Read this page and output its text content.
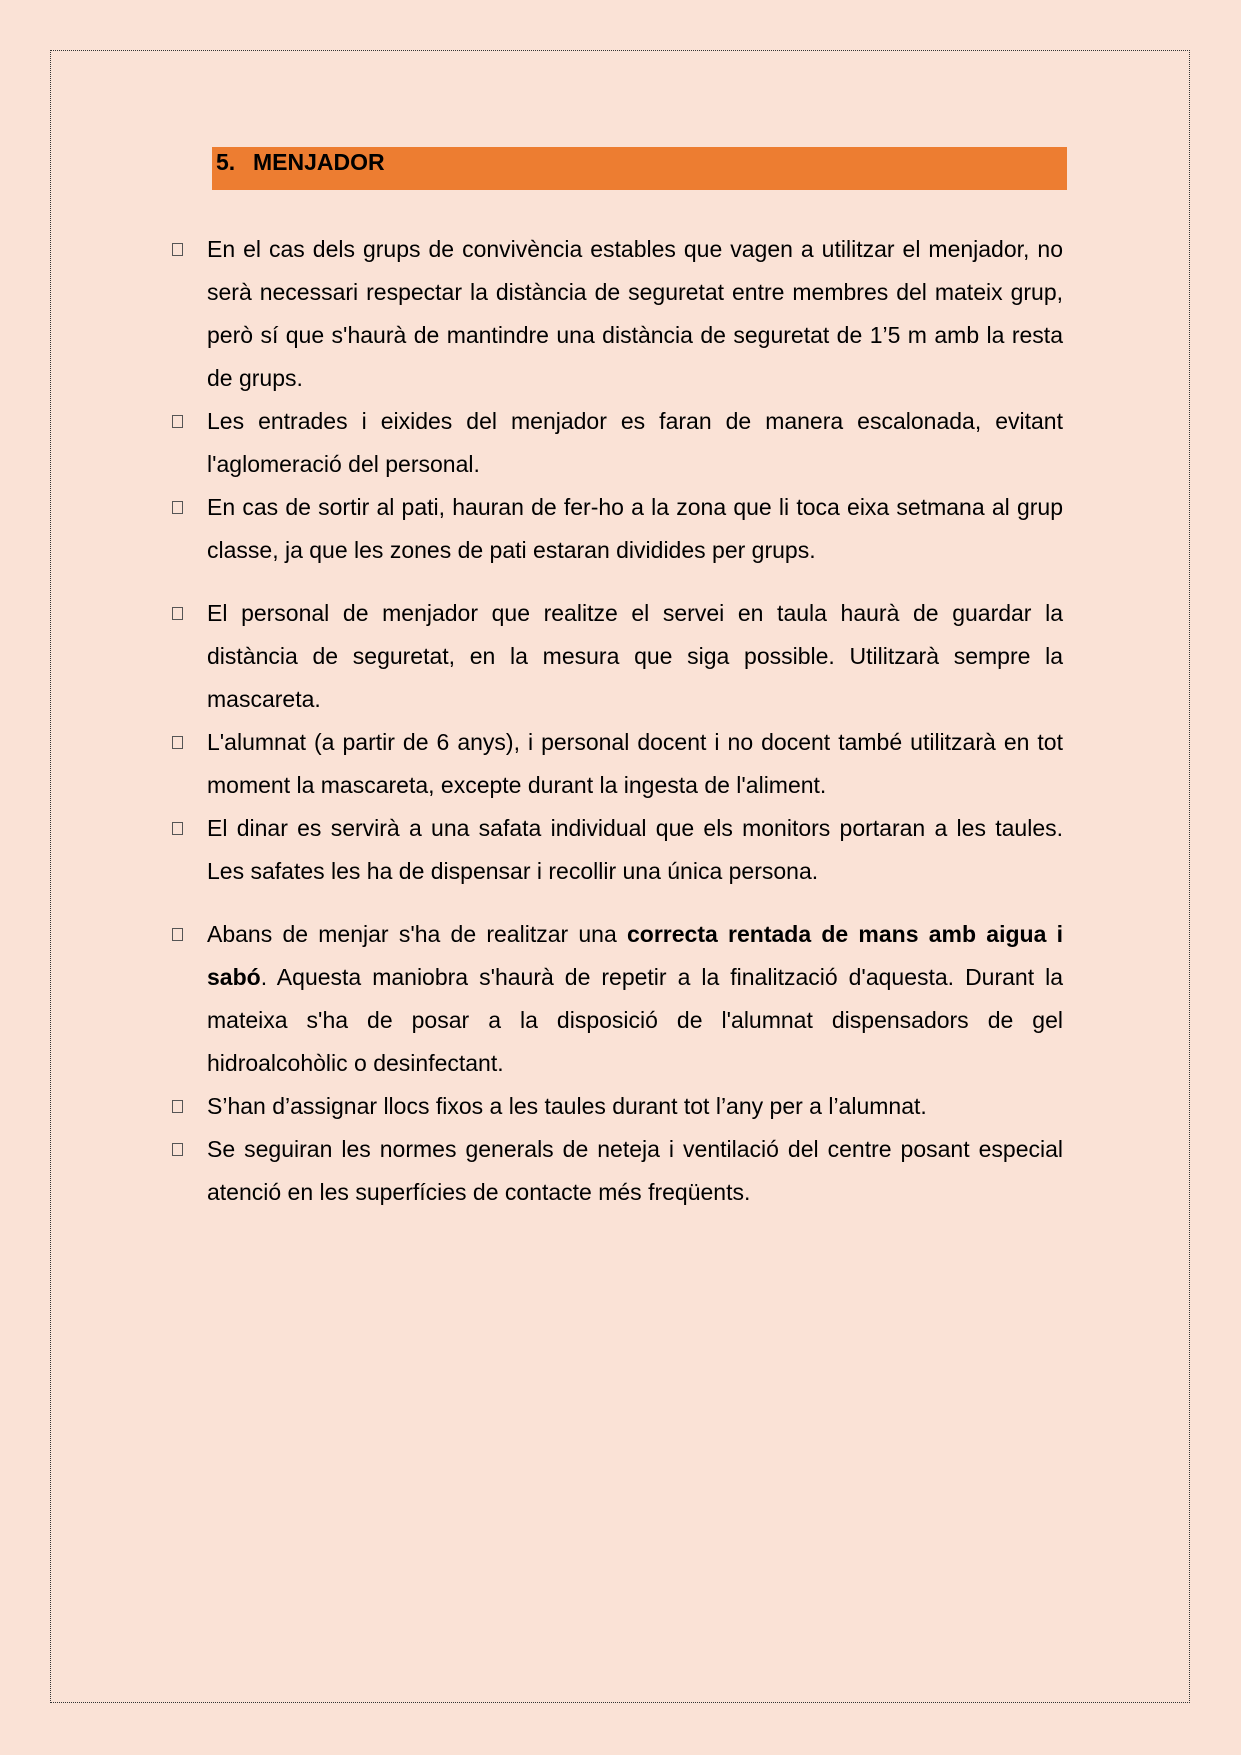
5. MENJADOR
En el cas dels grups de convivència estables que vagen a utilitzar el menjador, no serà necessari respectar la distància de seguretat entre membres del mateix grup, però sí que s'haurà de mantindre una distància de seguretat de 1’5 m amb la resta de grups.
Les entrades i eixides del menjador es faran de manera escalonada, evitant l'aglomeració del personal.
En cas de sortir al pati, hauran de fer-ho a la zona que li toca eixa setmana al grup classe, ja que les zones de pati estaran dividides per grups.
El personal de menjador que realitze el servei en taula haurà de guardar la distància de seguretat, en la mesura que siga possible. Utilitzarà sempre la mascareta.
L'alumnat (a partir de 6 anys), i personal docent i no docent també utilitzarà en tot moment la mascareta, excepte durant la ingesta de l'aliment.
El dinar es servirà a una safata individual que els monitors portaran a les taules. Les safates les ha de dispensar i recollir una única persona.
Abans de menjar s'ha de realitzar una correcta rentada de mans amb aigua i sabó. Aquesta maniobra s'haurà de repetir a la finalització d'aquesta. Durant la mateixa s'ha de posar a la disposició de l'alumnat dispensadors de gel hidroalcohòlic o desinfectant.
S’han d’assignar llocs fixos a les taules durant tot l’any per a l’alumnat.
Se seguiran les normes generals de neteja i ventilació del centre posant especial atenció en les superfícies de contacte més freqüents.
